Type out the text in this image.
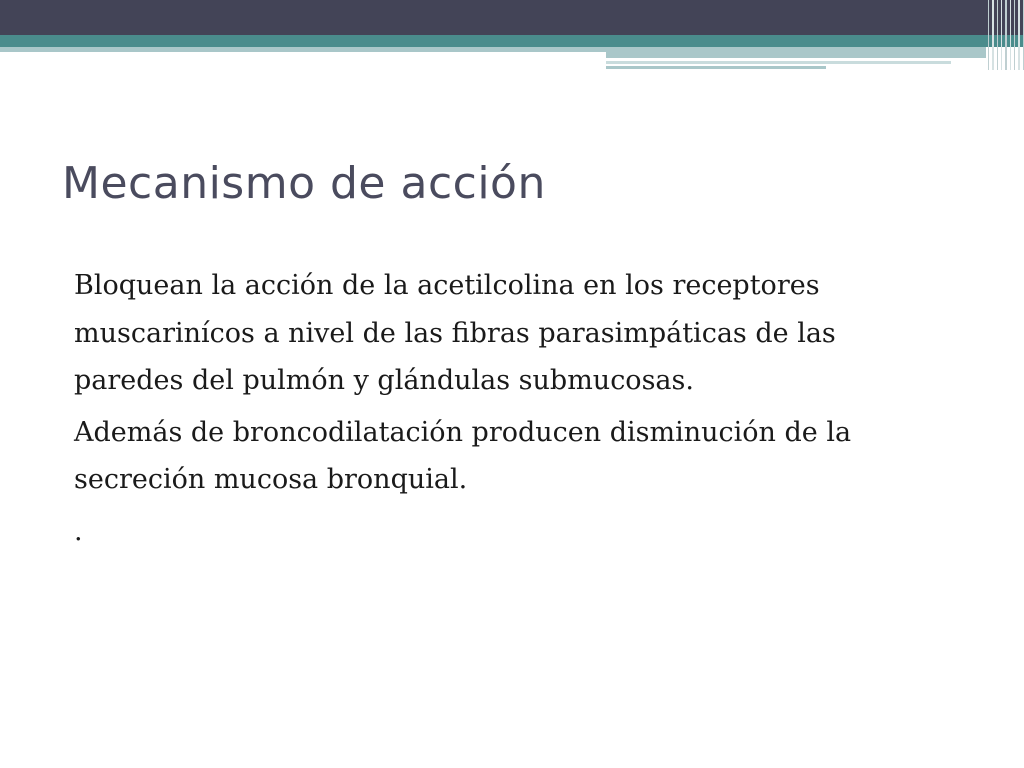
Mecanismo de acción

Bloquean la acción de la acetilcolina en los receptores muscarinícos a nivel de las fibras parasimpáticas de las paredes del pulmón y glándulas submucosas.

Además de broncodilatación producen disminución de la secreción mucosa bronquial.

.
